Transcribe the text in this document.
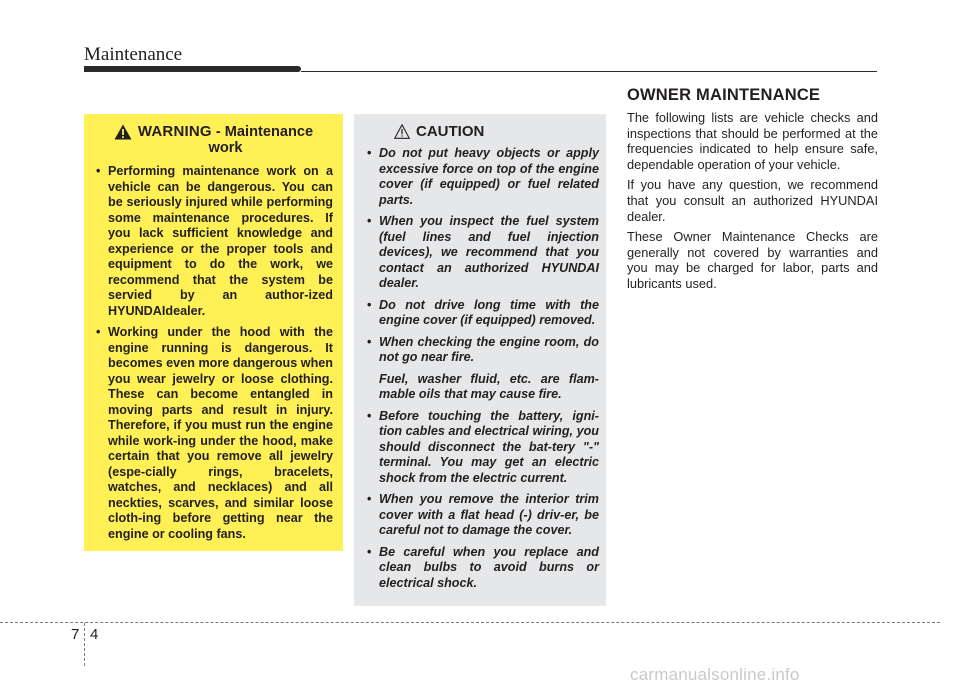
Maintenance
WARNING - Maintenance
work
• Performing maintenance work on a vehicle can be dangerous. You can be seriously injured while performing some maintenance procedures. If you lack sufficient knowledge and experience or the proper tools and equipment to do the work, we recommend that the system be servied by an author-ized HYUNDAIdealer.
• Working under the hood with the engine running is dangerous. It becomes even more dangerous when you wear jewelry or loose clothing. These can become entangled in moving parts and result in injury. Therefore, if you must run the engine while work-ing under the hood, make certain that you remove all jewelry (espe-cially rings, bracelets, watches, and necklaces) and all neckties, scarves, and similar loose cloth-ing before getting near the engine or cooling fans.
CAUTION
• Do not put heavy objects or apply excessive force on top of the engine cover (if equipped) or fuel related parts.
• When you inspect the fuel system (fuel lines and fuel injection devices), we recommend that you contact an authorized HYUNDAI dealer.
• Do not drive long time with the engine cover (if equipped) removed.
• When checking the engine room, do not go near fire.
Fuel, washer fluid, etc. are flam-mable oils that may cause fire.
• Before touching the battery, igni-tion cables and electrical wiring, you should disconnect the bat-tery "-" terminal. You may get an electric shock from the electric current.
• When you remove the interior trim cover with a flat head (-) driv-er, be careful not to damage the cover.
• Be careful when you replace and clean bulbs to avoid burns or electrical shock.
OWNER MAINTENANCE

The following lists are vehicle checks and inspections that should be performed at the frequencies indicated to help ensure safe, dependable operation of your vehicle.

If you have any question, we recommend that you consult an authorized HYUNDAI dealer.

These Owner Maintenance Checks are generally not covered by warranties and you may be charged for labor, parts and lubricants used.

7 4
carmanualsonline.info
